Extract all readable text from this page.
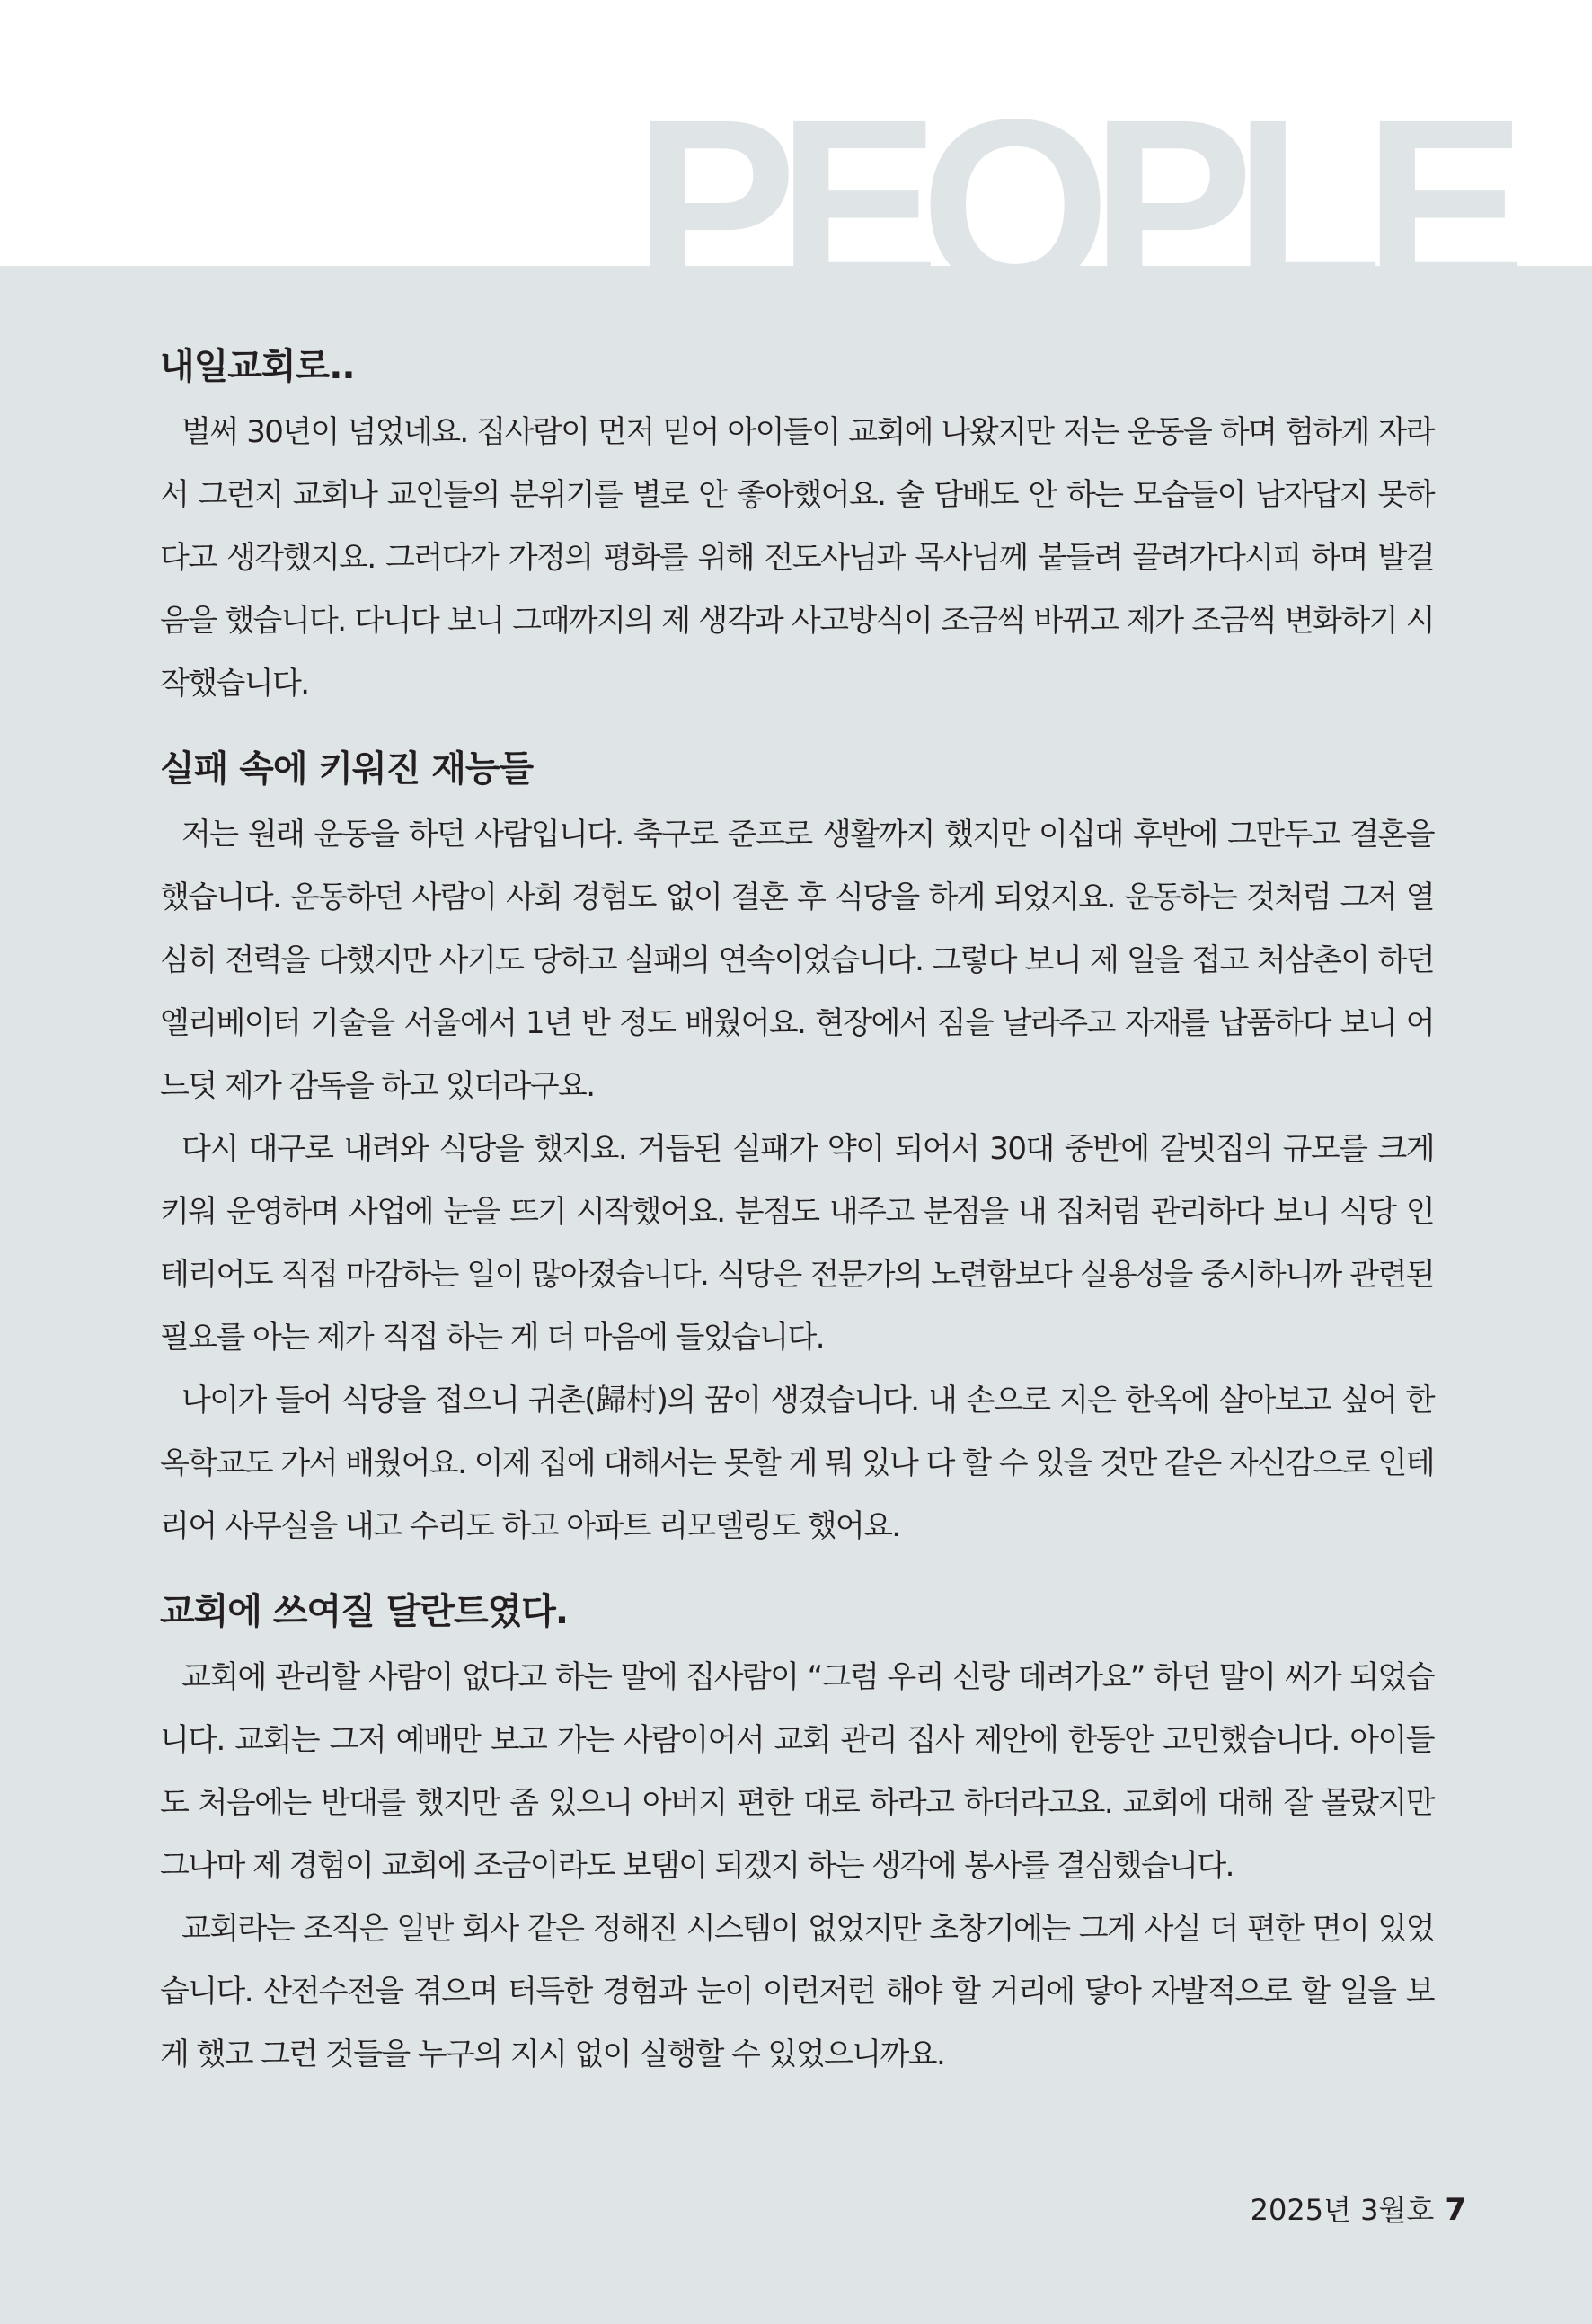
PEOPLE
내일교회로..

벌써 30년이 넘었네요. 집사람이 먼저 믿어 아이들이 교회에 나왔지만 저는 운동을 하며 험하게 자라서 그런지 교회나 교인들의 분위기를 별로 안 좋아했어요. 술 담배도 안 하는 모습들이 남자답지 못하다고 생각했지요. 그러다가 가정의 평화를 위해 전도사님과 목사님께 붙들려 끌려가다시피 하며 발걸음을 했습니다. 다니다 보니 그때까지의 제 생각과 사고방식이 조금씩 바뀌고 제가 조금씩 변화하기 시작했습니다.

실패 속에 키워진 재능들

저는 원래 운동을 하던 사람입니다. 축구로 준프로 생활까지 했지만 이십대 후반에 그만두고 결혼을 했습니다. 운동하던 사람이 사회 경험도 없이 결혼 후 식당을 하게 되었지요. 운동하는 것처럼 그저 열심히 전력을 다했지만 사기도 당하고 실패의 연속이었습니다. 그렇다 보니 제 일을 접고 처삼촌이 하던 엘리베이터 기술을 서울에서 1년 반 정도 배웠어요. 현장에서 짐을 날라주고 자재를 납품하다 보니 어느덧 제가 감독을 하고 있더라구요.

다시 대구로 내려와 식당을 했지요. 거듭된 실패가 약이 되어서 30대 중반에 갈빗집의 규모를 크게 키워 운영하며 사업에 눈을 뜨기 시작했어요. 분점도 내주고 분점을 내 집처럼 관리하다 보니 식당 인테리어도 직접 마감하는 일이 많아졌습니다. 식당은 전문가의 노련함보다 실용성을 중시하니까 관련된 필요를 아는 제가 직접 하는 게 더 마음에 들었습니다.

나이가 들어 식당을 접으니 귀촌(歸村)의 꿈이 생겼습니다. 내 손으로 지은 한옥에 살아보고 싶어 한옥학교도 가서 배웠어요. 이제 집에 대해서는 못할 게 뭐 있나 다 할 수 있을 것만 같은 자신감으로 인테리어 사무실을 내고 수리도 하고 아파트 리모델링도 했어요.

교회에 쓰여질 달란트였다.

교회에 관리할 사람이 없다고 하는 말에 집사람이 “그럼 우리 신랑 데려가요” 하던 말이 씨가 되었습니다. 교회는 그저 예배만 보고 가는 사람이어서 교회 관리 집사 제안에 한동안 고민했습니다. 아이들도 처음에는 반대를 했지만 좀 있으니 아버지 편한 대로 하라고 하더라고요. 교회에 대해 잘 몰랐지만 그나마 제 경험이 교회에 조금이라도 보탬이 되겠지 하는 생각에 봉사를 결심했습니다.

교회라는 조직은 일반 회사 같은 정해진 시스템이 없었지만 초창기에는 그게 사실 더 편한 면이 있었습니다. 산전수전을 겪으며 터득한 경험과 눈이 이런저런 해야 할 거리에 닿아 자발적으로 할 일을 보게 했고 그런 것들을 누구의 지시 없이 실행할 수 있었으니까요.

2025년 3월호 7
